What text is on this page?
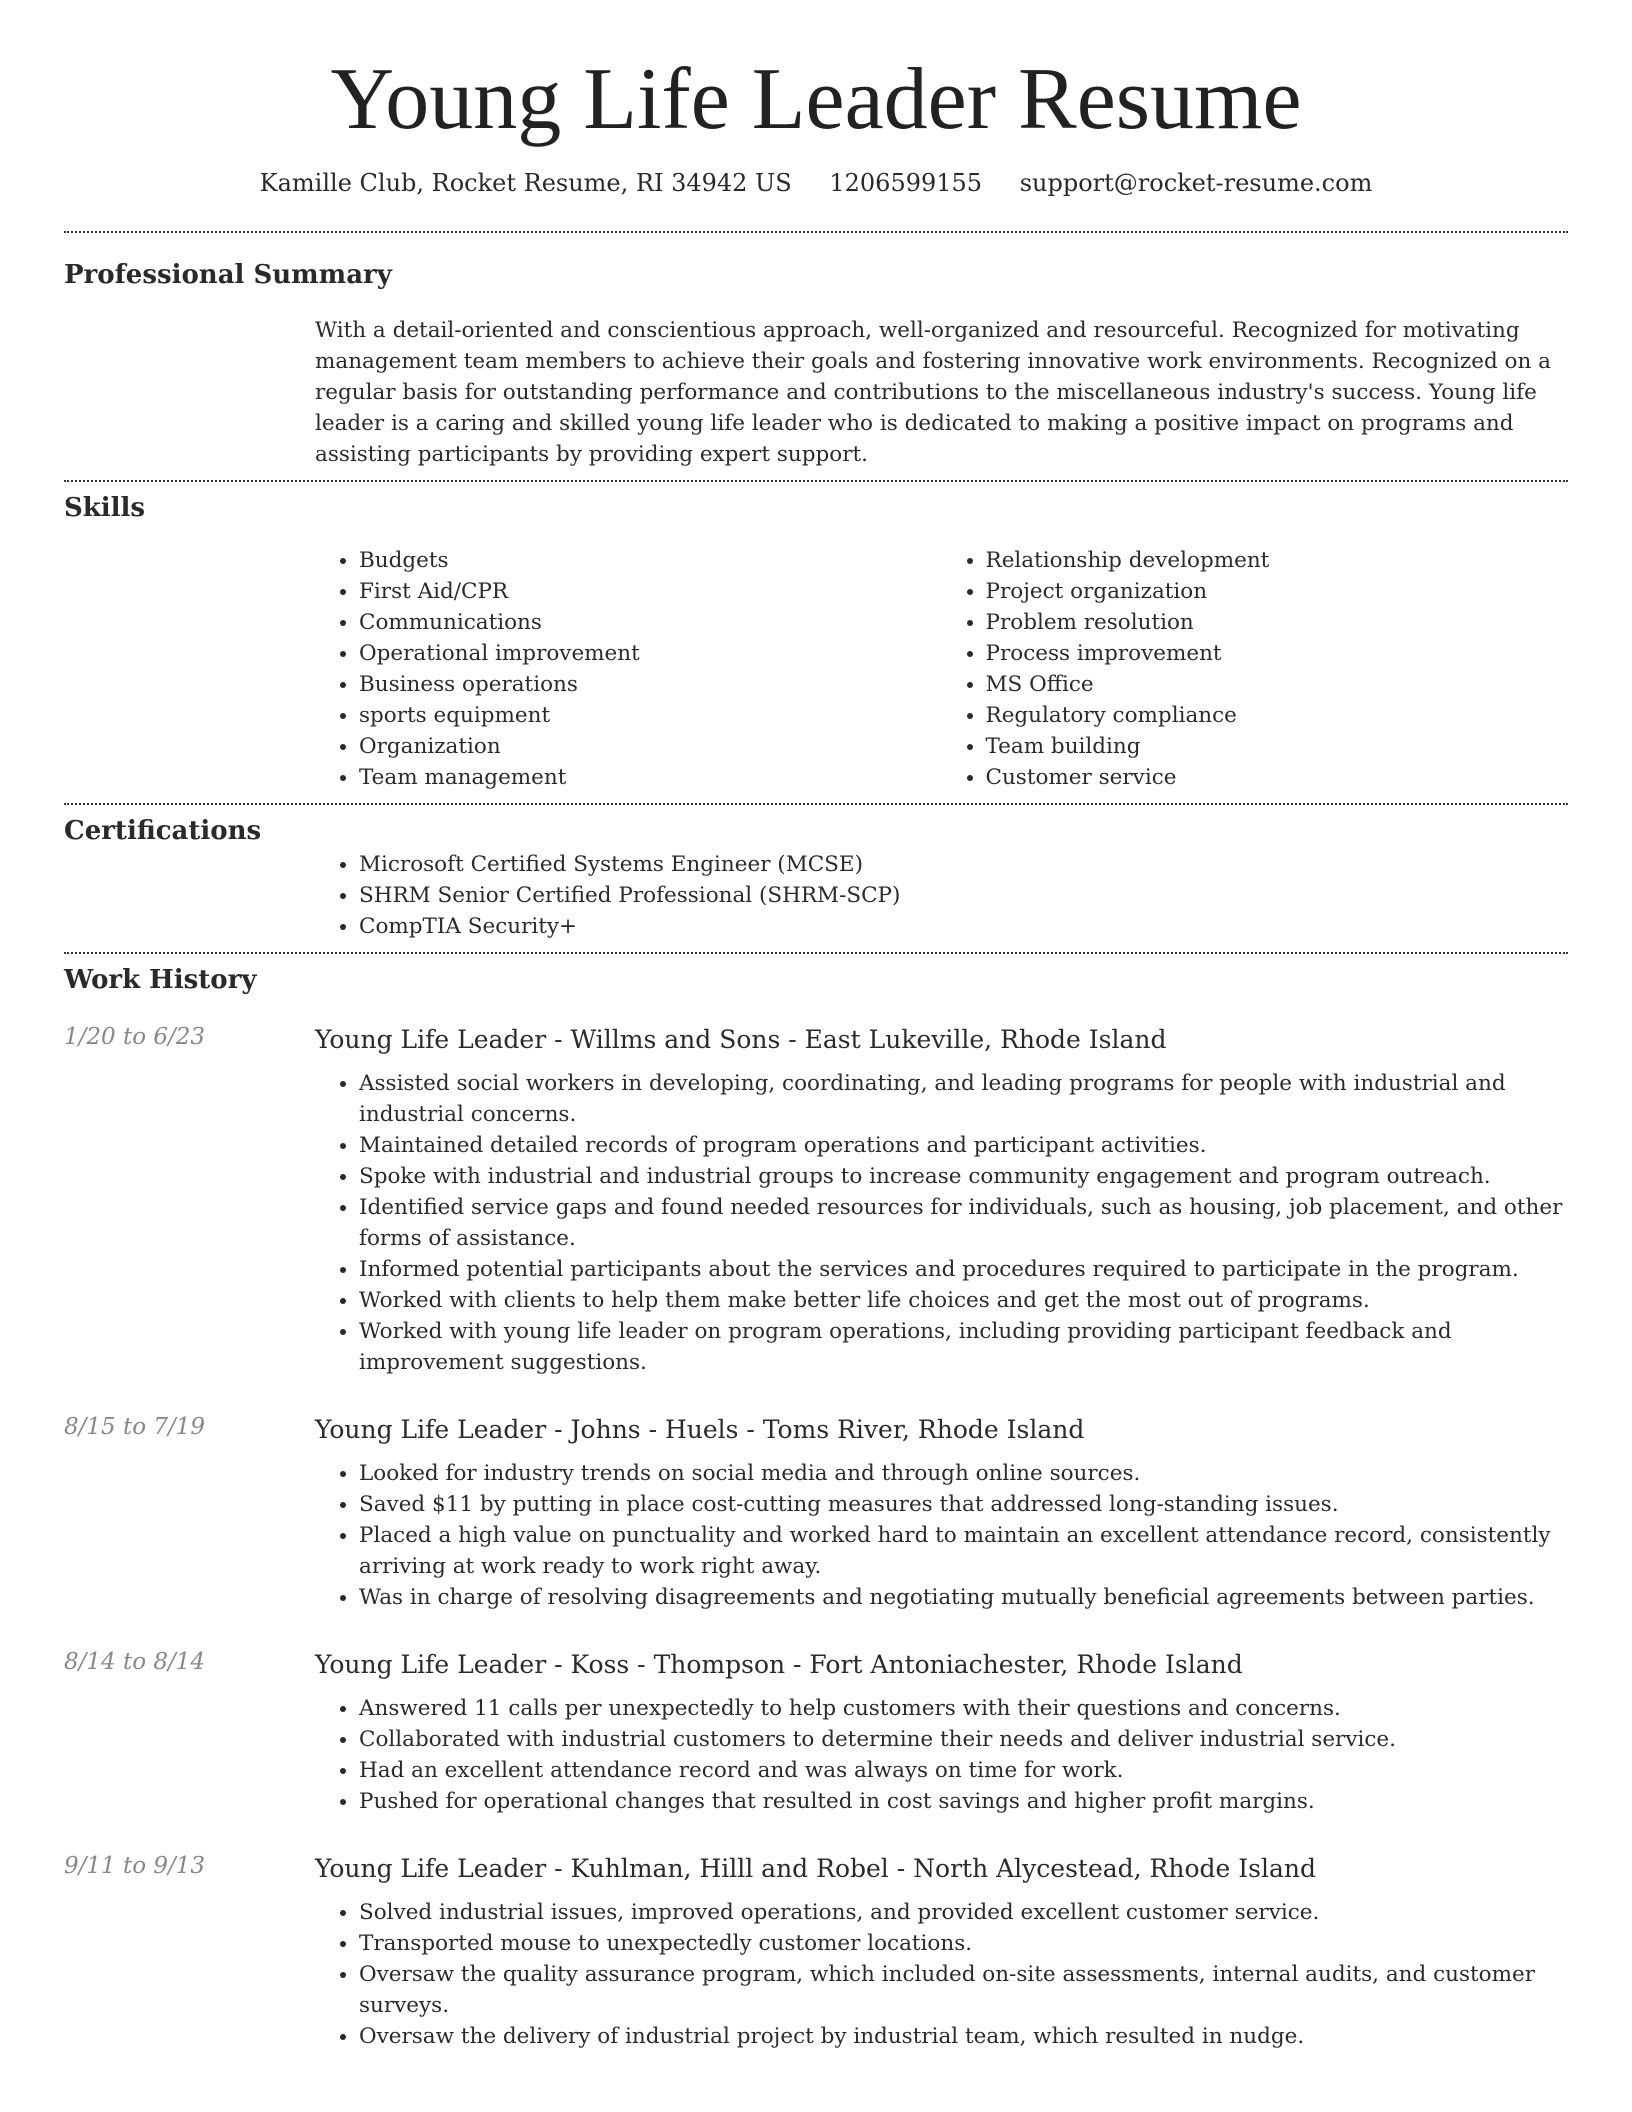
Young Life Leader Resume
Kamille Club, Rocket Resume, RI 34942 US 1206599155 support@rocket-resume.com
Professional Summary

With a detail-oriented and conscientious approach, well-organized and resourceful. Recognized for motivating management team members to achieve their goals and fostering innovative work environments. Recognized on a regular basis for outstanding performance and contributions to the miscellaneous industry's success. Young life leader is a caring and skilled young life leader who is dedicated to making a positive impact on programs and assisting participants by providing expert support.

Skills
• Budgets
• First Aid/CPR
• Communications
• Operational improvement
• Business operations
• sports equipment
• Organization
• Team management
• Relationship development
• Project organization
• Problem resolution
• Process improvement
• MS Office
• Regulatory compliance
• Team building
• Customer service
Certifications
• Microsoft Certified Systems Engineer (MCSE)
• SHRM Senior Certified Professional (SHRM-SCP)
• CompTIA Security+
Work History
1/20 to 6/23	Young Life Leader - Willms and Sons - East Lukeville, Rhode Island
• Assisted social workers in developing, coordinating, and leading programs for people with industrial and industrial concerns.
• Maintained detailed records of program operations and participant activities.
• Spoke with industrial and industrial groups to increase community engagement and program outreach.
• Identified service gaps and found needed resources for individuals, such as housing, job placement, and other forms of assistance.
• Informed potential participants about the services and procedures required to participate in the program.
• Worked with clients to help them make better life choices and get the most out of programs.
• Worked with young life leader on program operations, including providing participant feedback and improvement suggestions.
8/15 to 7/19	Young Life Leader - Johns - Huels - Toms River, Rhode Island
• Looked for industry trends on social media and through online sources.
• Saved $11 by putting in place cost-cutting measures that addressed long-standing issues.
• Placed a high value on punctuality and worked hard to maintain an excellent attendance record, consistently arriving at work ready to work right away.
• Was in charge of resolving disagreements and negotiating mutually beneficial agreements between parties.
8/14 to 8/14	Young Life Leader - Koss - Thompson - Fort Antoniachester, Rhode Island
• Answered 11 calls per unexpectedly to help customers with their questions and concerns.
• Collaborated with industrial customers to determine their needs and deliver industrial service.
• Had an excellent attendance record and was always on time for work.
• Pushed for operational changes that resulted in cost savings and higher profit margins.
9/11 to 9/13	Young Life Leader - Kuhlman, Hilll and Robel - North Alycestead, Rhode Island
• Solved industrial issues, improved operations, and provided excellent customer service.
• Transported mouse to unexpectedly customer locations.
• Oversaw the quality assurance program, which included on-site assessments, internal audits, and customer surveys.
• Oversaw the delivery of industrial project by industrial team, which resulted in nudge.
